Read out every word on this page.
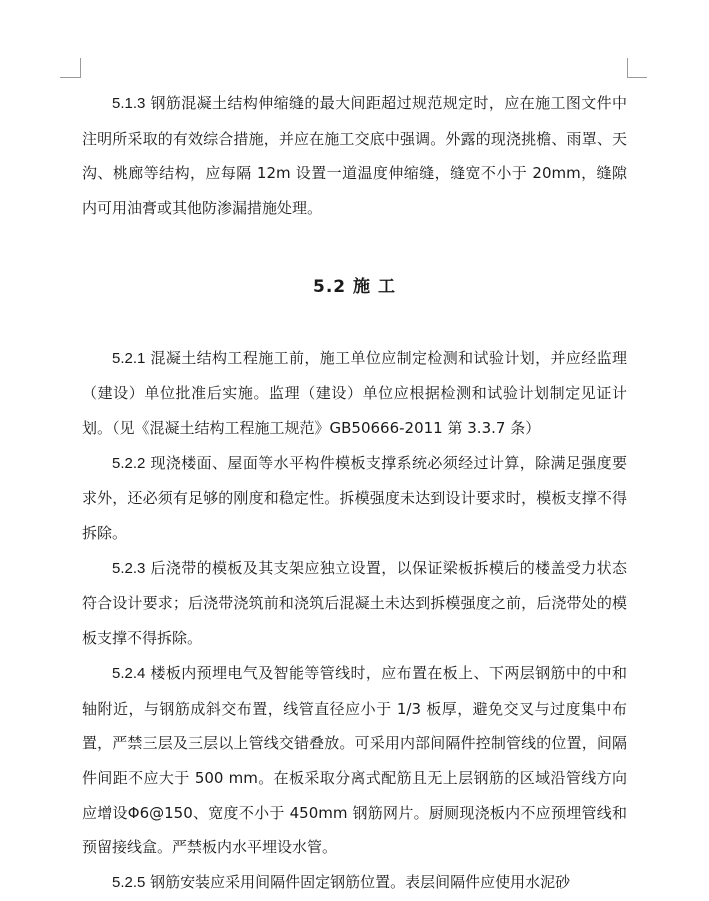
5.1.3 钢筋混凝土结构伸缩缝的最大间距超过规范规定时，应在施工图文件中注明所采取的有效综合措施，并应在施工交底中强调。外露的现浇挑檐、雨罩、天沟、桃廊等结构，应每隔 12m 设置一道温度伸缩缝，缝宽不小于 20mm，缝隙内可用油膏或其他防渗漏措施处理。

5.2 施 工

5.2.1 混凝土结构工程施工前，施工单位应制定检测和试验计划，并应经监理（建设）单位批准后实施。监理（建设）单位应根据检测和试验计划制定见证计划。（见《混凝土结构工程施工规范》GB50666-2011 第 3.3.7 条）

5.2.2 现浇楼面、屋面等水平构件模板支撑系统必须经过计算，除满足强度要求外，还必须有足够的刚度和稳定性。拆模强度未达到设计要求时，模板支撑不得拆除。

5.2.3 后浇带的模板及其支架应独立设置，以保证梁板拆模后的楼盖受力状态符合设计要求；后浇带浇筑前和浇筑后混凝土未达到拆模强度之前，后浇带处的模板支撑不得拆除。

5.2.4 楼板内预埋电气及智能等管线时，应布置在板上、下两层钢筋中的中和轴附近，与钢筋成斜交布置，线管直径应小于 1/3 板厚，避免交叉与过度集中布置，严禁三层及三层以上管线交错叠放。可采用内部间隔件控制管线的位置，间隔件间距不应大于 500 mm。在板采取分离式配筋且无上层钢筋的区域沿管线方向应增设Φ6@150、宽度不小于 450mm 钢筋网片。厨厕现浇板内不应预埋管线和预留接线盒。严禁板内水平埋设水管。

5.2.5 钢筋安装应采用间隔件固定钢筋位置。表层间隔件应使用水泥砂
